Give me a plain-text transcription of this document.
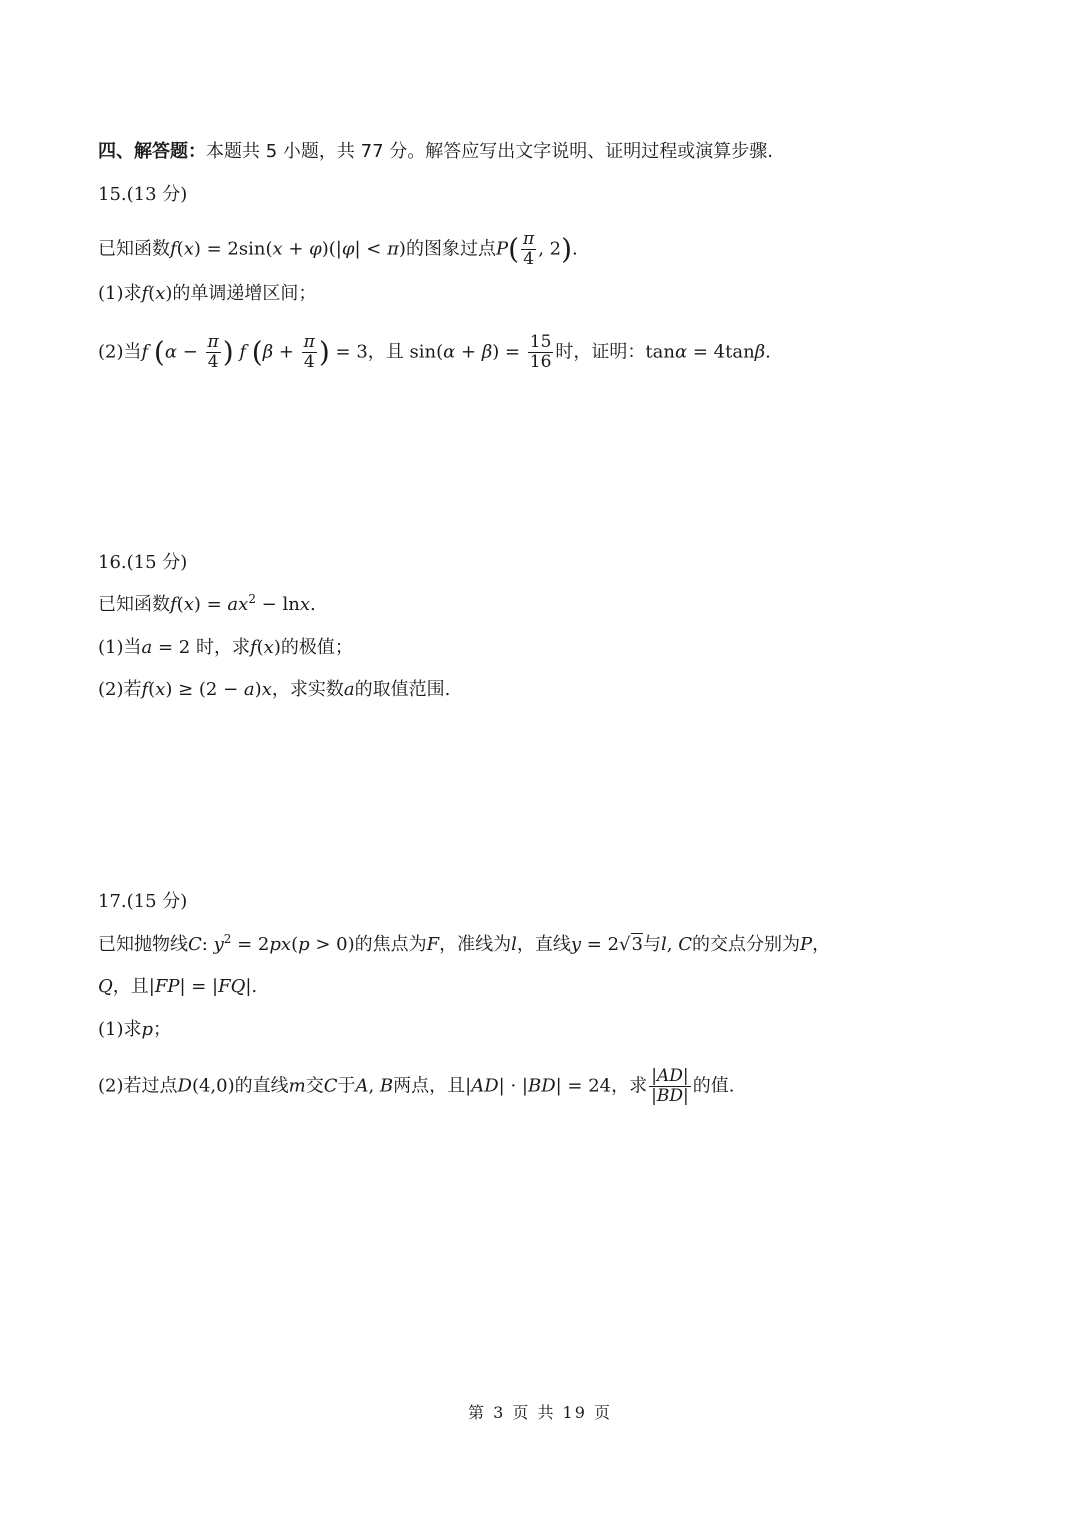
四、解答题：本题共 5 小题，共 77 分。解答应写出文字说明、证明过程或演算步骤.
15.(13 分)
已知函数f(x) = 2sin(x + φ)(|φ| < π)的图象过点$P( \frac{\pi}{4}$ , 2).
(1)求f(x)的单调递增区间；
(2)当f ($\alpha - \frac{\pi}{4}$ ) f ($\beta + \frac{\pi}{4}$ ) = 3，且 $\sin(\alpha + \beta) = \frac{15}{16}$ 时，证明：tanα = 4tanβ.
16.(15 分)
已知函数$f(x) = ax^2 - \ln x$.
(1)当a = 2 时，求f(x)的极值；
(2)若f(x) ≥ (2 − a)x，求实数a的取值范围.
17.(15 分)
已知抛物线C: $y^2 = 2px(p > 0)$的焦点为F，准线为l，直线y = 2√3与l, C的交点分别为P，
Q，且|FP| = |FQ|.
(1)求p；
(2)若过点D(4,0)的直线m交C于A, B两点，且|AD| · |BD| = 24，求 $\frac{|AD|}{|BD|}$ 的值.
第 3 页 共 19 页
